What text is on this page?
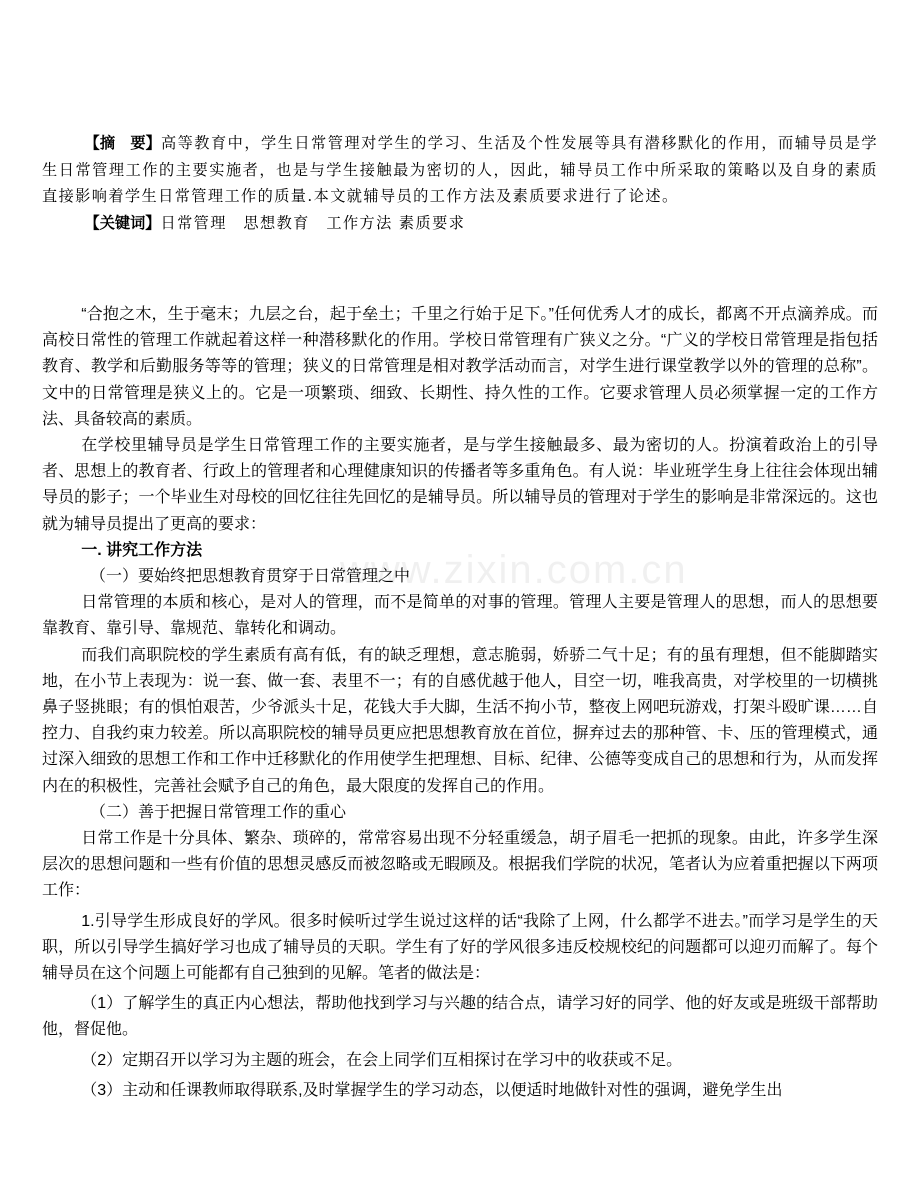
www.zixin.com.cn

【摘　要】高等教育中，学生日常管理对学生的学习、生活及个性发展等具有潜移默化的作用，而辅导员是学生日常管理工作的主要实施者，也是与学生接触最为密切的人，因此，辅导员工作中所采取的策略以及自身的素质直接影响着学生日常管理工作的质量.本文就辅导员的工作方法及素质要求进行了论述。

【关键词】日常管理　思想教育　工作方法 素质要求

“合抱之木，生于毫末；九层之台，起于垒土；千里之行始于足下。”任何优秀人才的成长，都离不开点滴养成。而高校日常性的管理工作就起着这样一种潜移默化的作用。学校日常管理有广狭义之分。“广义的学校日常管理是指包括教育、教学和后勤服务等等的管理；狭义的日常管理是相对教学活动而言，对学生进行课堂教学以外的管理的总称”。文中的日常管理是狭义上的。它是一项繁琐、细致、长期性、持久性的工作。它要求管理人员必须掌握一定的工作方法、具备较高的素质。

在学校里辅导员是学生日常管理工作的主要实施者，是与学生接触最多、最为密切的人。扮演着政治上的引导者、思想上的教育者、行政上的管理者和心理健康知识的传播者等多重角色。有人说：毕业班学生身上往往会体现出辅导员的影子；一个毕业生对母校的回忆往往先回忆的是辅导员。所以辅导员的管理对于学生的影响是非常深远的。这也就为辅导员提出了更高的要求：

一. 讲究工作方法

（一）要始终把思想教育贯穿于日常管理之中

日常管理的本质和核心，是对人的管理，而不是简单的对事的管理。管理人主要是管理人的思想，而人的思想要靠教育、靠引导、靠规范、靠转化和调动。

而我们高职院校的学生素质有高有低，有的缺乏理想，意志脆弱，娇骄二气十足；有的虽有理想，但不能脚踏实地，在小节上表现为：说一套、做一套、表里不一；有的自感优越于他人，目空一切，唯我高贵，对学校里的一切横挑鼻子竖挑眼；有的惧怕艰苦，少爷派头十足，花钱大手大脚，生活不拘小节，整夜上网吧玩游戏，打架斗殴旷课……自控力、自我约束力较差。所以高职院校的辅导员更应把思想教育放在首位，摒弃过去的那种管、卡、压的管理模式，通过深入细致的思想工作和工作中迁移默化的作用使学生把理想、目标、纪律、公德等变成自己的思想和行为，从而发挥内在的积极性，完善社会赋予自己的角色，最大限度的发挥自己的作用。

（二）善于把握日常管理工作的重心

日常工作是十分具体、繁杂、琐碎的，常常容易出现不分轻重缓急，胡子眉毛一把抓的现象。由此，许多学生深层次的思想问题和一些有价值的思想灵感反而被忽略或无暇顾及。根据我们学院的状况，笔者认为应着重把握以下两项工作：

1.引导学生形成良好的学风。很多时候听过学生说过这样的话“我除了上网，什么都学不进去。”而学习是学生的天职，所以引导学生搞好学习也成了辅导员的天职。学生有了好的学风很多违反校规校纪的问题都可以迎刃而解了。每个辅导员在这个问题上可能都有自己独到的见解。笔者的做法是：

（1）了解学生的真正内心想法，帮助他找到学习与兴趣的结合点，请学习好的同学、他的好友或是班级干部帮助他，督促他。

（2）定期召开以学习为主题的班会，在会上同学们互相探讨在学习中的收获或不足。

（3）主动和任课教师取得联系,及时掌握学生的学习动态，以便适时地做针对性的强调，避免学生出
